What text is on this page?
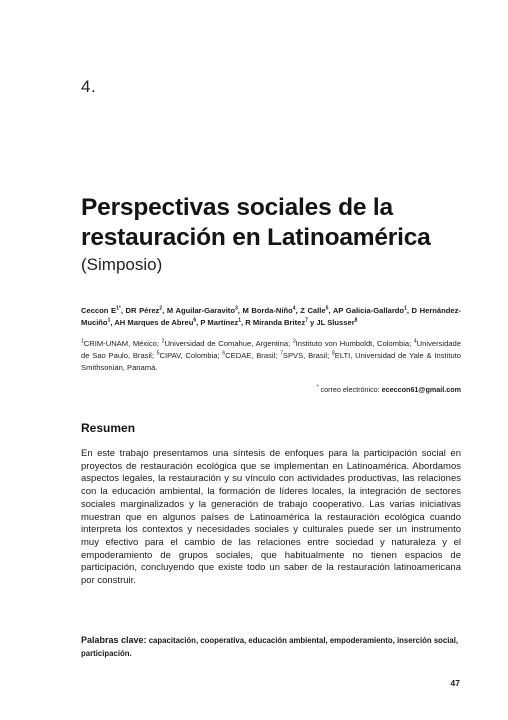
4.
Perspectivas sociales de la
restauración en Latinoamérica
(Simposio)
Ceccon $E^{1*}$, DR Pérez$^2$, M Aguilar-Garavito$^3$, M Borda-Niño$^4$, Z Calle$^5$, AP Galicia-Gallardo$^1$, D Hernández-Muciño$^1$, AH Marques de Abreu$^6$, P Martínez$^1$, R Miranda Britez$^7$ y JL Slusser$^8$
$^1$CRIM-UNAM, México; $^2$Universidad de Comahue, Argentina; $^3$Instituto von Humboldt, Colombia; $^4$Universidade de Sao Paulo, Brasil; $^5$CIPAV, Colombia; $^6$CEDAE, Brasil; $^7$SPVS, Brasil; $^8$ELTI, Universidad de Yale & Instituto Smithsonian, Panamá.
* correo electrónico: ececcon61@gmail.com
Resumen
En este trabajo presentamos una síntesis de enfoques para la participación social en proyectos de restauración ecológica que se implementan en Latinoamérica. Abordamos aspectos legales, la restauración y su vínculo con actividades productivas, las relaciones con la educación ambiental, la formación de líderes locales, la integración de sectores sociales marginalizados y la generación de trabajo cooperativo. Las varias iniciativas muestran que en algunos países de Latinoamérica la restauración ecológica cuando interpreta los contextos y necesidades sociales y culturales puede ser un instrumento muy efectivo para el cambio de las relaciones entre sociedad y naturaleza y el empoderamiento de grupos sociales, que habitualmente no tienen espacios de participación, concluyendo que existe todo un saber de la restauración latinoamericana por construir.
Palabras clave: capacitación, cooperativa, educación ambiental, empoderamiento, inserción social, participación.
47
